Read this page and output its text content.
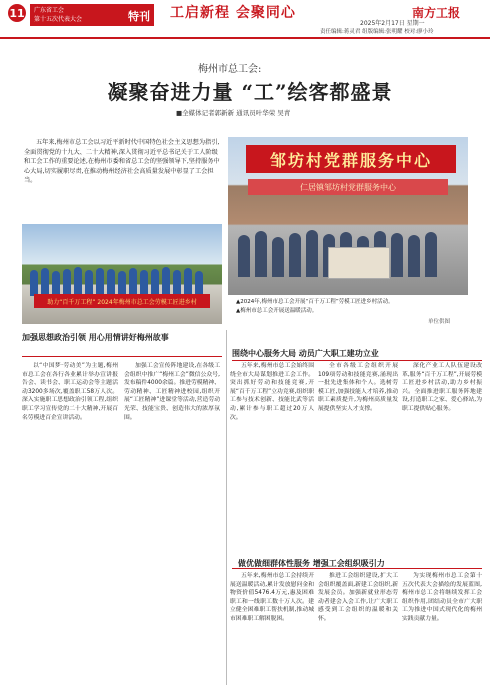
11 广东省工会
第十五次代表大会	特刊 工启新程 会聚同心	南方工报
2025年2月17日 星期一
责任编辑:蒋灵君 组版编辑:张明耀 校对:廖小玲
梅州市总工会:
凝聚奋进力量 “工”绘客都盛景
■全媒体记者郭新新 通讯员叶华荣 吴青
五年来,梅州市总工会以习近平新时代中国特色社会主义思想为指引,全面贯彻党的十九大、二十大精神,深入贯彻习近平总书记关于工人阶级和工会工作的重要论述,在梅州市委和省总工会的坚强领导下,坚持服务中心大局,切实履职尽责,在推动梅州经济社会高质量发展中彰显了工会担当。
邹坊村党群服务中心
仁居镇邹坊村党群服务中心
助力“百千万工程” 2024年梅州市总工会劳模工匠进乡村	▲2024年,梅州市总工会开展“百千万工程”劳模工匠进乡村活动。
▲梅州市总工会开展送温暖活动。
单位供图
加强思想政治引领 用心用情讲好梅州故事
以“中国梦·劳动美”为主题,梅州市总工会在各行各业累计举办宣讲报告会、读书会、职工运动会等主题活动3200多场次,覆盖职工58万人次。深入实施职工思想政治引领工程,组织职工学习宣传党的二十大精神,开展百名劳模进百企宣讲活动。
加强工会宣传阵地建设,在各级工会组织中推广“梅州工会”微信公众号,发布稿件4000余篇。推进劳模精神、劳动精神、工匠精神进校园,组织开展“工匠精神”进课堂等活动,营造劳动光荣、技能宝贵、创造伟大的浓厚氛围。
围绕中心服务大局 动员广大职工建功立业
五年来,梅州市总工会始终围绕全市大局谋划推进工会工作。突出抓好劳动和技能竞赛,开展“百千万工程”立功竞赛,组织职工参与技术创新、技能比武等活动,累计参与职工超过20万人次。
全市各级工会组织开展109项劳动和技能竞赛,涌现出一批先进集体和个人。选树劳模工匠,加强技能人才培养,推动职工素质提升,为梅州高质量发展提供坚实人才支撑。
深化产业工人队伍建设改革,服务“百千万工程”,开展劳模工匠进乡村活动,助力乡村振兴。全面推进职工服务阵地建设,打造职工之家、爱心驿站,为职工提供贴心服务。
做优做细群体性服务 增强工会组织吸引力
五年来,梅州市总工会持续开展送温暖活动,累计发放慰问金和物资价值5476.4万元,惠及困难职工和一线职工数十万人次。建立健全困难职工帮扶机制,推动城市困难职工解困脱困。
推进工会组织建设,扩大工会组织覆盖面,新建工会组织,新发展会员。加强新就业形态劳动者建会入会工作,让广大职工感受到工会组织的温暖和关怀。
为实现梅州市总工会第十五次代表大会描绘的发展蓝图,梅州市总工会将继续发挥工会组织作用,团结动员全市广大职工为推进中国式现代化的梅州实践贡献力量。
